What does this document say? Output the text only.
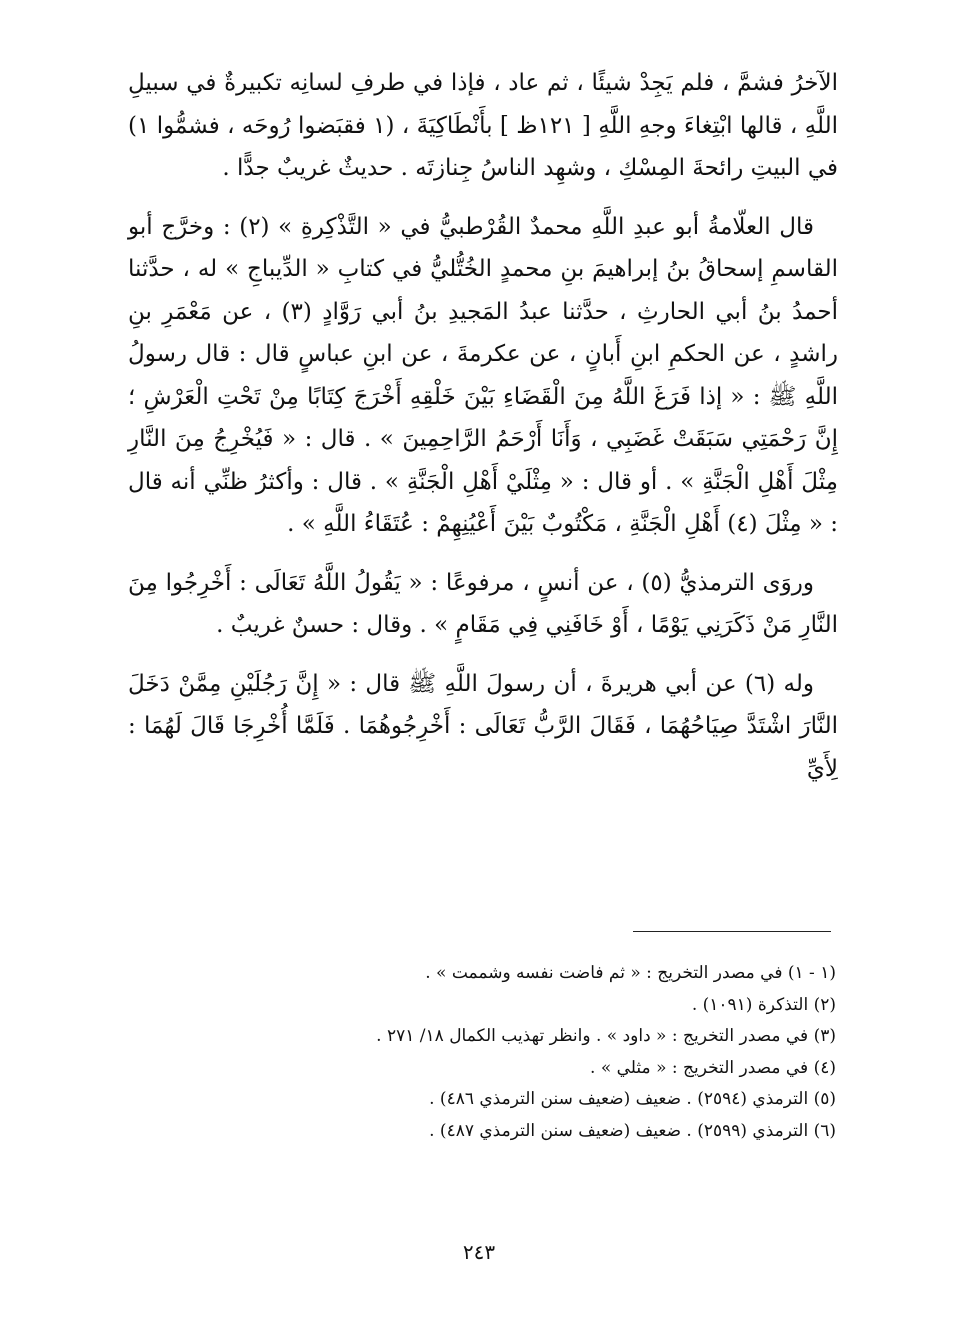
الآخرُ فشمَّ ، فلم يَجِدْ شيئًا ، ثم عاد ، فإذا في طرفِ لسانِه تكبيرةٌ في سبيلِ اللَّهِ ، قالها ابْتِغاءَ وجهِ اللَّهِ [ ١٢١ظ ] بأَنْطَاكِيَةَ ، (١ فقبَضوا رُوحَه ، فشمُّوا ١) في البيتِ رائحةَ المِسْكِ ، وشهِد الناسُ جِنازتَه . حديثٌ غريبٌ جدًّا .

قال العلّامةُ أبو عبدِ اللَّهِ محمدٌ القُرْطبيُّ في « التَّذْكِرةِ » (٢) : وخرَّج أبو القاسمِ إسحاقُ بنُ إبراهيمَ بنِ محمدٍ الخُتُّليُّ في كتابِ « الدِّيباجِ » له ، حدَّثنا أحمدُ بنُ أبي الحارثِ ، حدَّثنا عبدُ المَجيدِ بنُ أبي رَوَّادٍ (٣) ، عن مَعْمَرِ بنِ راشدٍ ، عن الحكمِ ابنِ أَبانٍ ، عن عكرمةَ ، عن ابنِ عباسٍ قال : قال رسولُ اللَّهِ ﷺ : « إذا فَرَغَ اللَّهُ مِنَ الْقَضَاءِ بَيْنَ خَلْقِهِ أَخْرَجَ كِتَابًا مِنْ تَحْتِ الْعَرْشِ ؛ إِنَّ رَحْمَتِي سَبَقَتْ غَضَبِي ، وَأَنَا أَرْحَمُ الرَّاحِمِينَ » . قال : « فَيُخْرِجُ مِنَ النَّارِ مِثْلَ أَهْلِ الْجَنَّةِ » . أو قال : « مِثْلَيْ أَهْلِ الْجَنَّةِ » . قال : وأكثرُ ظنِّي أنه قال : « مِثْلَ (٤) أَهْلِ الْجَنَّةِ ، مَكْتُوبٌ بَيْنَ أَعْيُنِهِمْ : عُتَقَاءُ اللَّهِ » .

وروَى الترمذيُّ (٥) ، عن أنسٍ ، مرفوعًا : « يَقُولُ اللَّهُ تَعَالَى : أَخْرِجُوا مِنَ النَّارِ مَنْ ذَكَرَنِي يَوْمًا ، أَوْ خَافَنِي فِي مَقَامٍ » . وقال : حسنٌ غريبٌ .

وله (٦) عن أبي هريرةَ ، أن رسولَ اللَّهِ ﷺ قال : « إِنَّ رَجُلَيْنِ مِمَّنْ دَخَلَ النَّارَ اشْتَدَّ صِيَاحُهُمَا ، فَقَالَ الرَّبُّ تَعَالَى : أَخْرِجُوهُمَا . فَلَمَّا أُخْرِجَا قَالَ لَهُمَا : لِأَيِّ

(١ - ١) في مصدر التخريج : « ثم فاضت نفسه وشممت » .

(٢) التذكرة (١٠٩١) .

(٣) في مصدر التخريج : « داود » . وانظر تهذيب الكمال ١٨/ ٢٧١ .

(٤) في مصدر التخريج : « مثلي » .

(٥) الترمذي (٢٥٩٤) . ضعيف (ضعيف سنن الترمذي ٤٨٦) .

(٦) الترمذي (٢٥٩٩) . ضعيف (ضعيف سنن الترمذي ٤٨٧) .

٢٤٣
